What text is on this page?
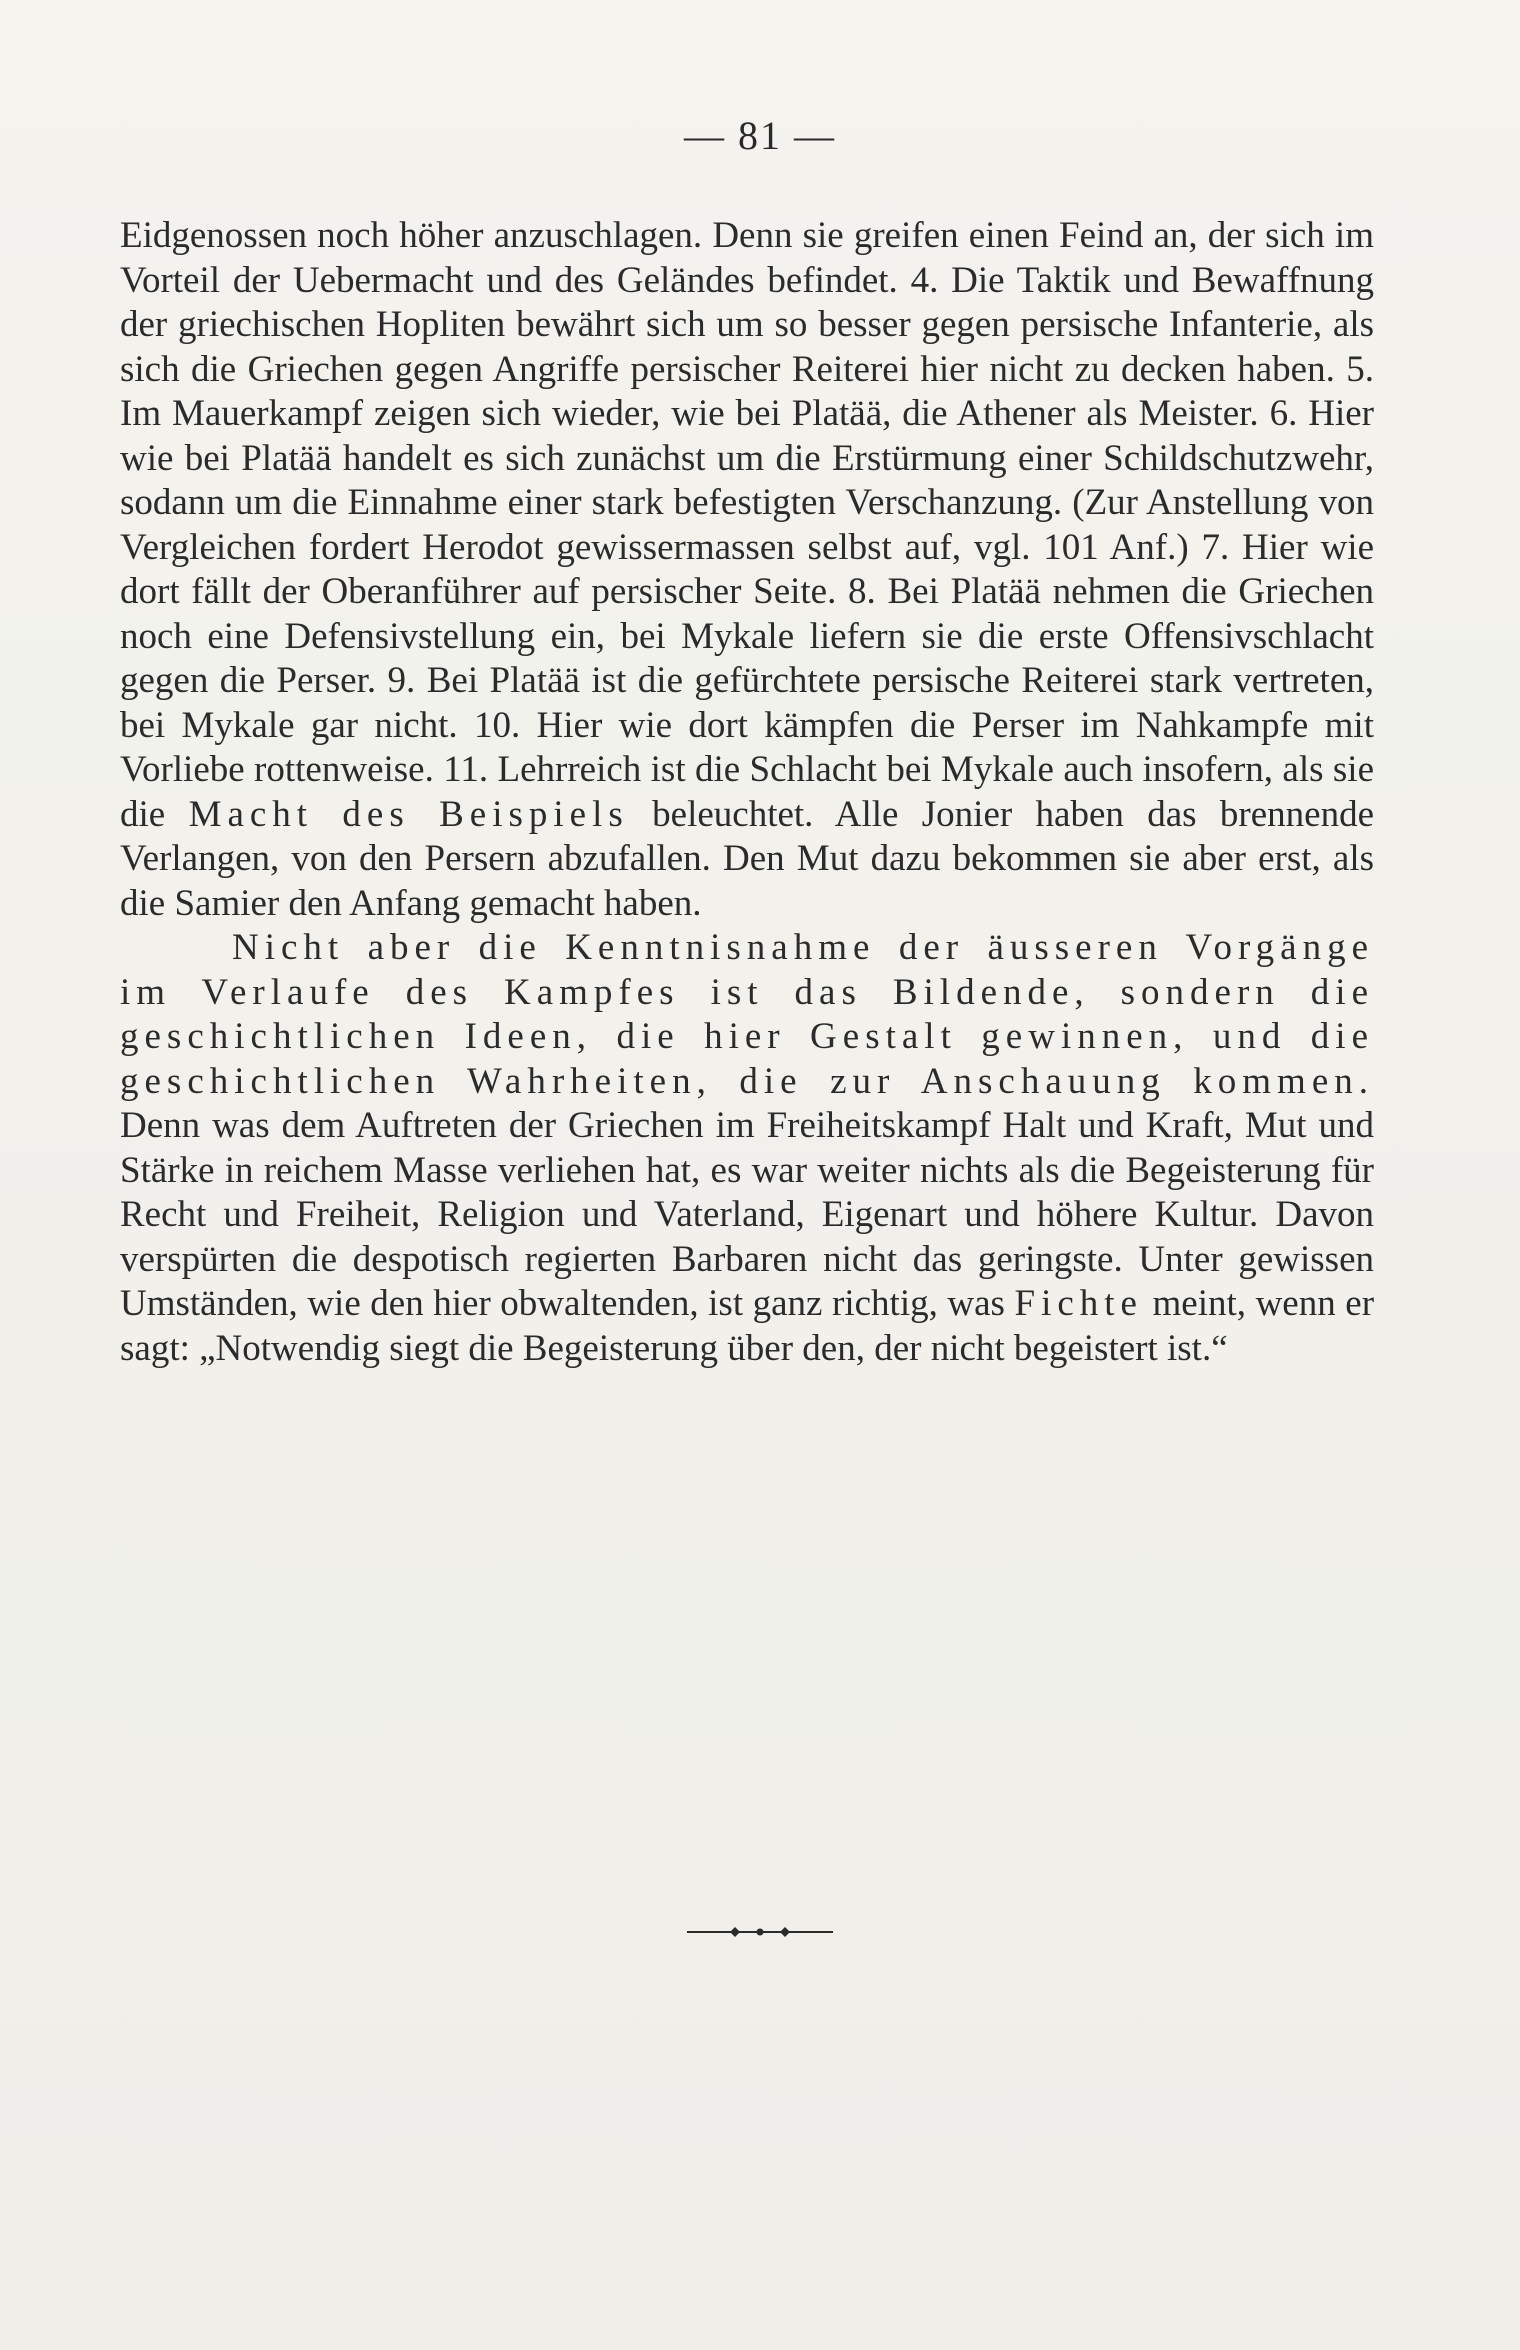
— 81 —

Eidgenossen noch höher anzuschlagen. Denn sie greifen einen Feind an, der sich im Vorteil der Uebermacht und des Geländes befindet. 4. Die Taktik und Bewaffnung der griechischen Hopliten bewährt sich um so besser gegen persische Infanterie, als sich die Griechen gegen Angriffe persischer Reiterei hier nicht zu decken haben. 5. Im Mauerkampf zeigen sich wieder, wie bei Platää, die Athener als Meister. 6. Hier wie bei Platää handelt es sich zunächst um die Erstürmung einer Schildschutzwehr, sodann um die Einnahme einer stark befestigten Verschanzung. (Zur Anstellung von Vergleichen fordert Herodot gewissermassen selbst auf, vgl. 101 Anf.) 7. Hier wie dort fällt der Oberanführer auf persischer Seite. 8. Bei Platää nehmen die Griechen noch eine Defensivstellung ein, bei Mykale liefern sie die erste Offensivschlacht gegen die Perser. 9. Bei Platää ist die gefürchtete persische Reiterei stark vertreten, bei Mykale gar nicht. 10. Hier wie dort kämpfen die Perser im Nahkampfe mit Vorliebe rottenweise. 11. Lehrreich ist die Schlacht bei Mykale auch insofern, als sie die Macht des Beispiels beleuchtet. Alle Jonier haben das brennende Verlangen, von den Persern abzufallen. Den Mut dazu bekommen sie aber erst, als die Samier den Anfang gemacht haben.

Nicht aber die Kenntnisnahme der äusseren Vorgänge im Verlaufe des Kampfes ist das Bildende, sondern die geschichtlichen Ideen, die hier Gestalt gewinnen, und die geschichtlichen Wahrheiten, die zur Anschauung kommen. Denn was dem Auftreten der Griechen im Freiheitskampf Halt und Kraft, Mut und Stärke in reichem Masse verliehen hat, es war weiter nichts als die Begeisterung für Recht und Freiheit, Religion und Vaterland, Eigenart und höhere Kultur. Davon verspürten die despotisch regierten Barbaren nicht das geringste. Unter gewissen Umständen, wie den hier obwaltenden, ist ganz richtig, was Fichte meint, wenn er sagt: „Notwendig siegt die Begeisterung über den, der nicht begeistert ist.“
